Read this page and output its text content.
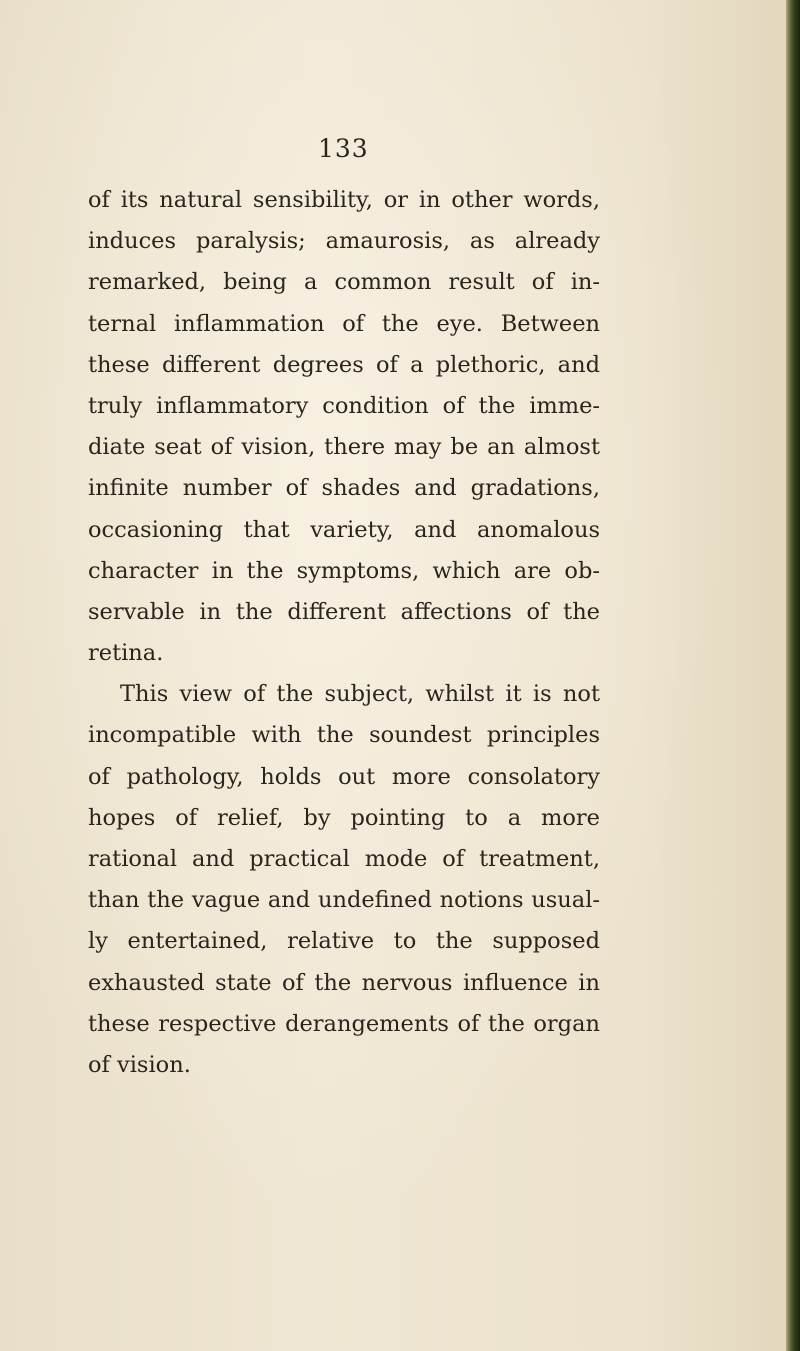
133
of its natural sensibility, or in other words,
induces paralysis; amaurosis, as already
remarked, being a common result of in-
ternal inflammation of the eye. Between
these different degrees of a plethoric, and
truly inflammatory condition of the imme-
diate seat of vision, there may be an almost
infinite number of shades and gradations,
occasioning that variety, and anomalous
character in the symptoms, which are ob-
servable in the different affections of the
retina.
This view of the subject, whilst it is not
incompatible with the soundest principles
of pathology, holds out more consolatory
hopes of relief, by pointing to a more
rational and practical mode of treatment,
than the vague and undefined notions usual-
ly entertained, relative to the supposed
exhausted state of the nervous influence in
these respective derangements of the organ
of vision.
